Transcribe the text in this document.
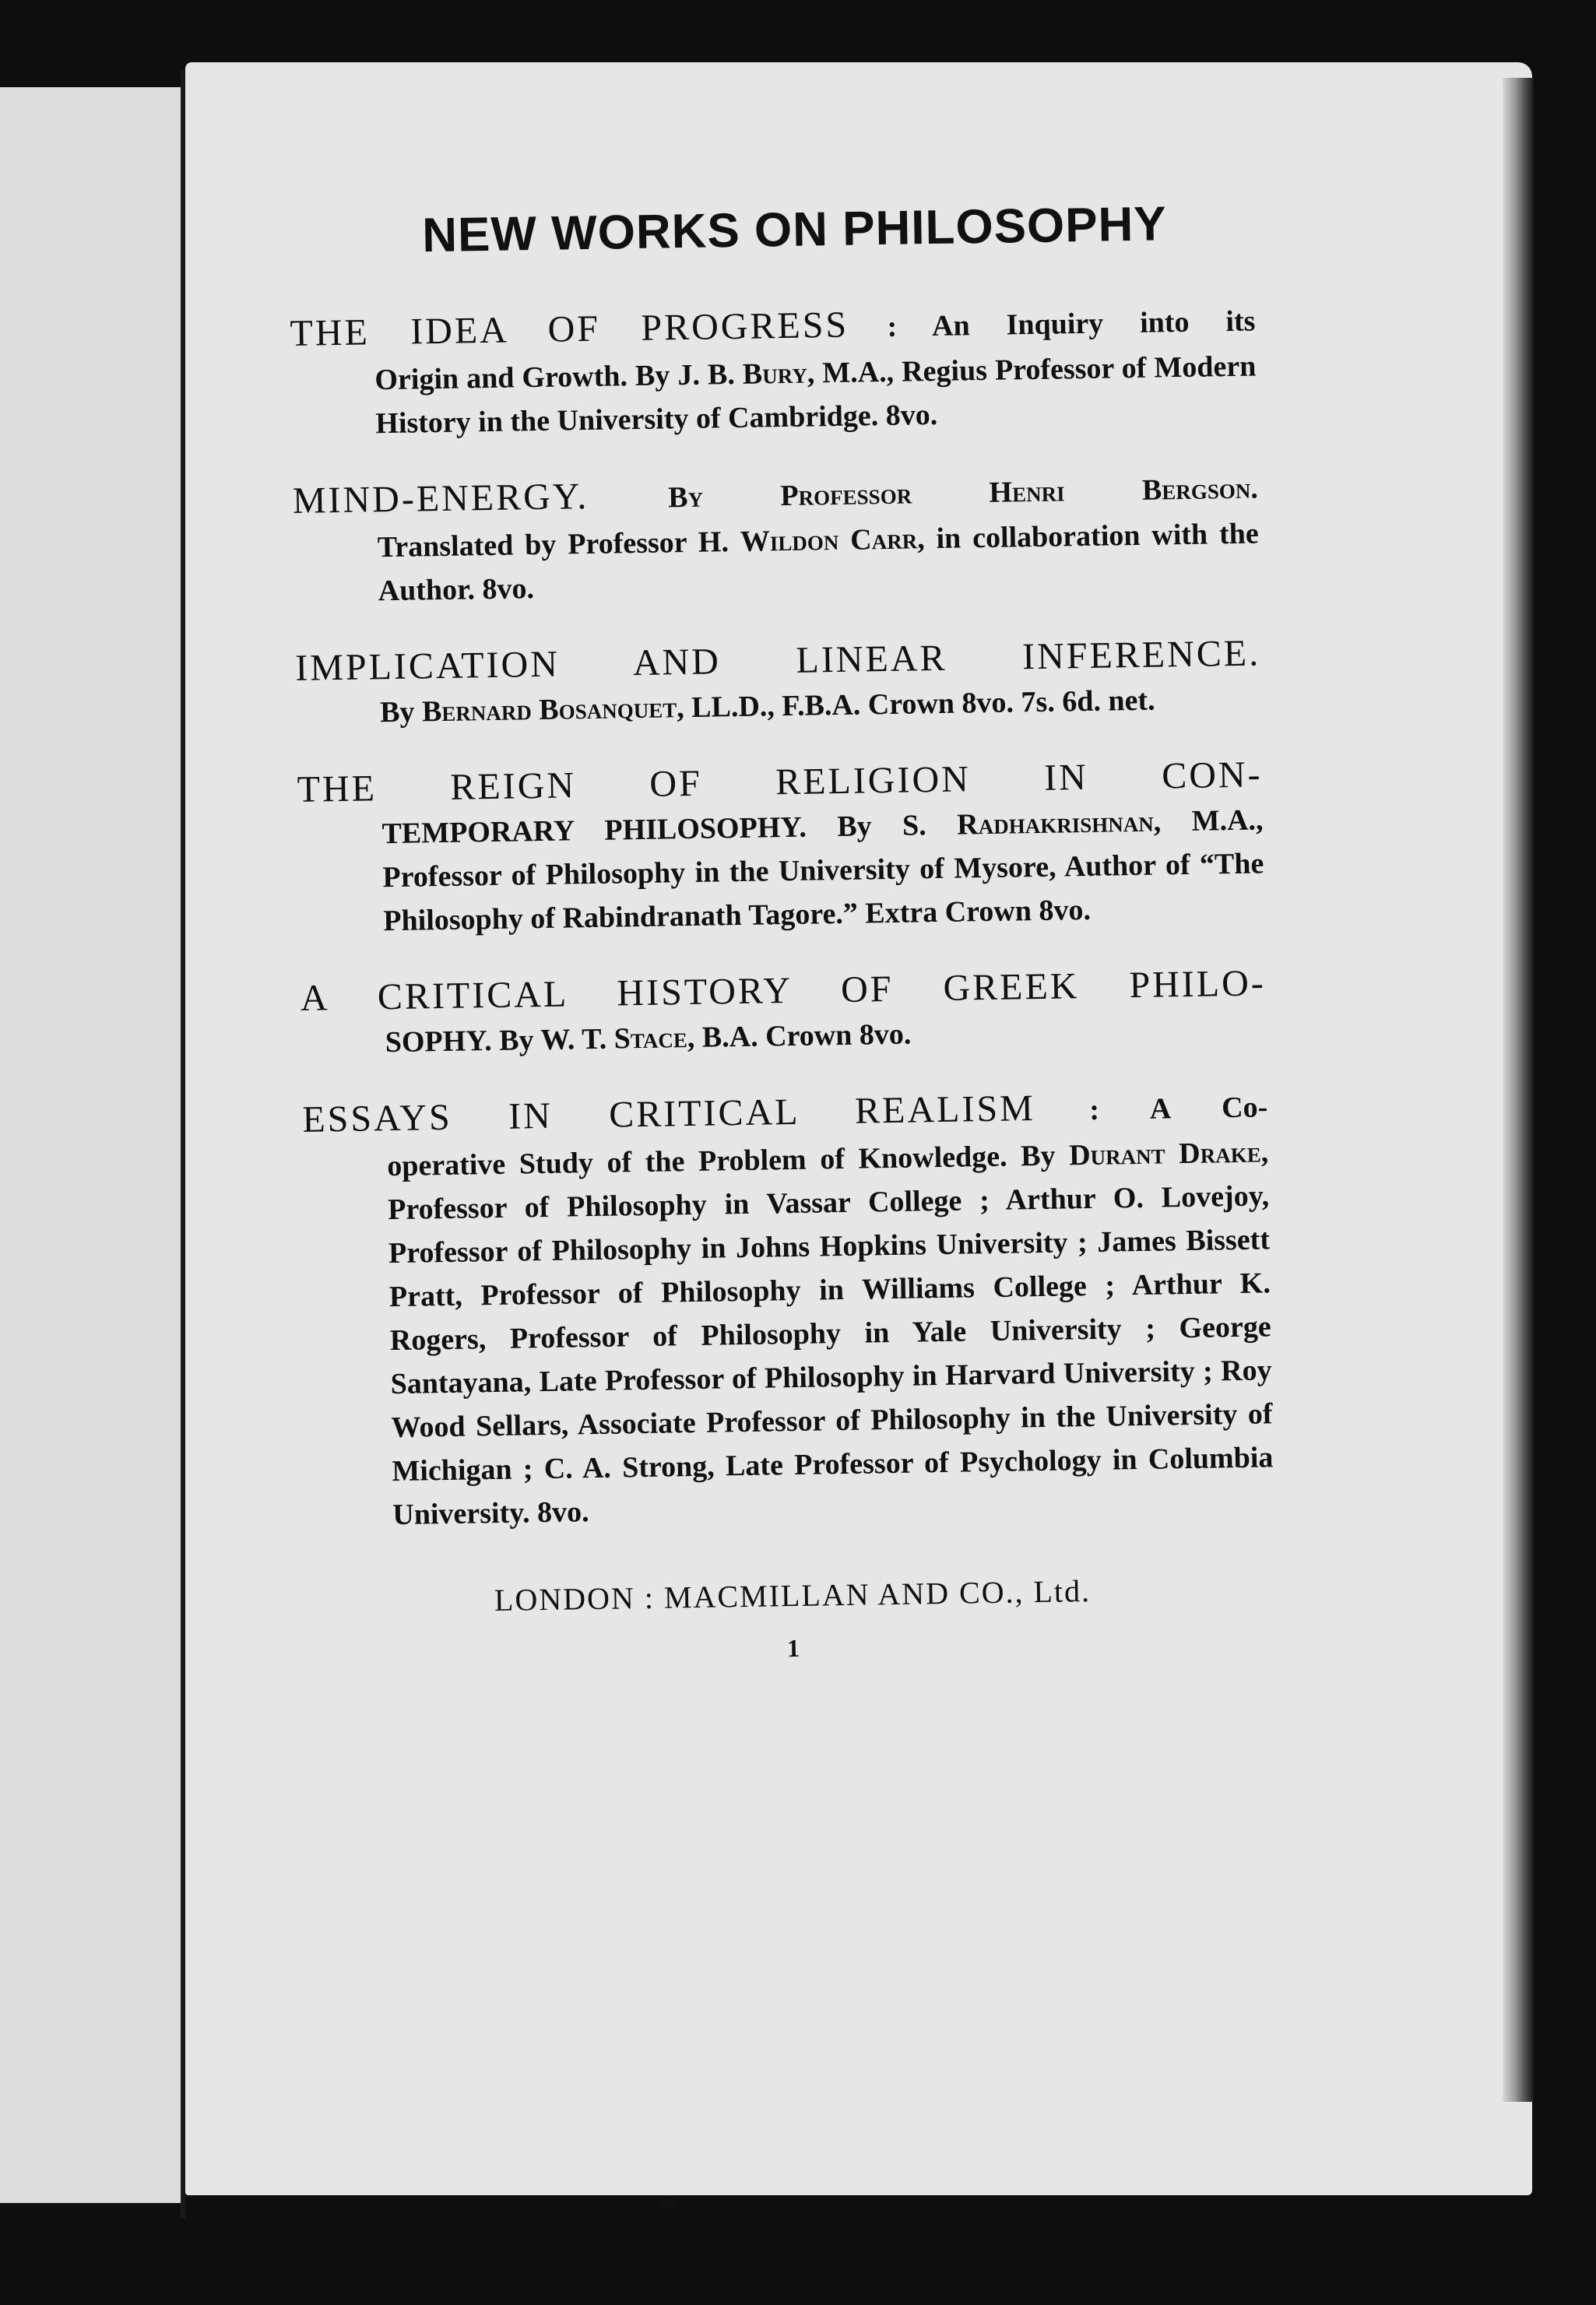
NEW WORKS ON PHILOSOPHY
THE IDEA OF PROGRESS : An Inquiry into its
Origin and Growth. By J. B. Bury, M.A., Regius Professor of Modern History in the University of Cambridge. 8vo.
MIND-ENERGY.	By Professor Henri Bergson.
Translated by Professor H. Wildon Carr, in collaboration with the Author. 8vo.
IMPLICATION AND LINEAR INFERENCE.
By Bernard Bosanquet, LL.D., F.B.A. Crown 8vo. 7s. 6d. net.
THE REIGN OF RELIGION IN CON-
TEMPORARY PHILOSOPHY. By S. Radhakrishnan, M.A., Professor of Philosophy in the University of Mysore, Author of “The Philosophy of Rabindranath Tagore.” Extra Crown 8vo.
A CRITICAL HISTORY OF GREEK PHILO-
SOPHY. By W. T. Stace, B.A. Crown 8vo.
ESSAYS IN CRITICAL REALISM : A Co-
operative Study of the Problem of Knowledge. By Durant Drake, Professor of Philosophy in Vassar College ; Arthur O. Lovejoy, Professor of Philosophy in Johns Hopkins University ; James Bissett Pratt, Professor of Philosophy in Williams College ; Arthur K. Rogers, Professor of Philosophy in Yale University ; George Santayana, Late Professor of Philosophy in Harvard University ; Roy Wood Sellars, Associate Professor of Philosophy in the University of Michigan ; C. A. Strong, Late Professor of Psychology in Columbia University. 8vo.
LONDON : MACMILLAN AND CO., Ltd.
1
